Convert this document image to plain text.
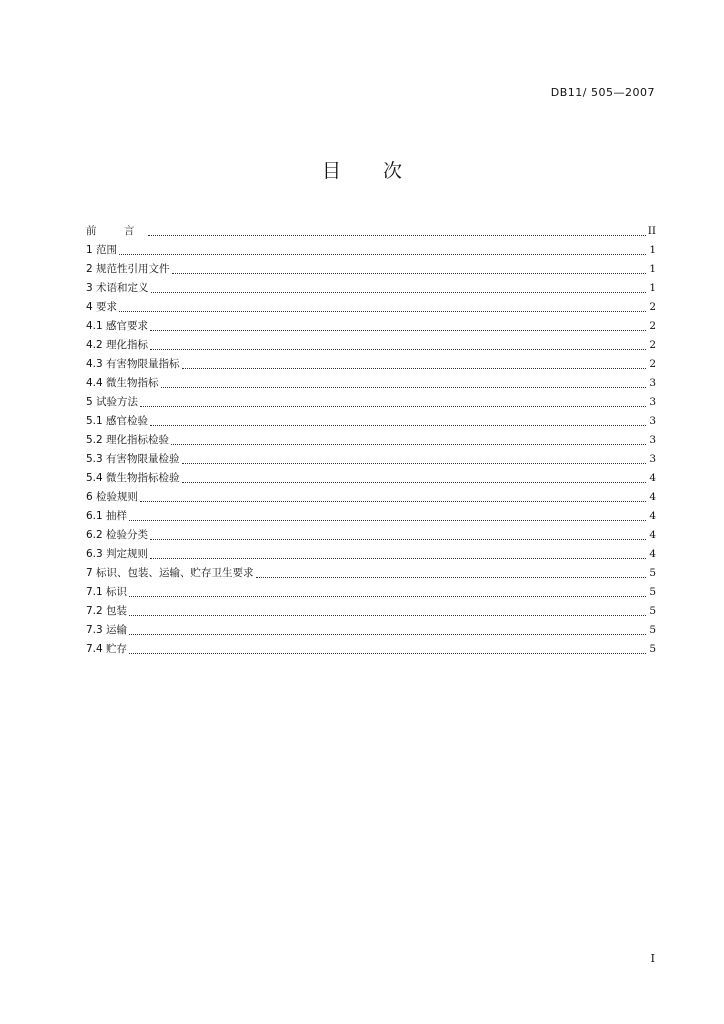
DB11/ 505—2007
目 次
前 言	II
1 范围	1
2 规范性引用文件	1
3 术语和定义	1
4 要求	2
4.1 感官要求	2
4.2 理化指标	2
4.3 有害物限量指标	2
4.4 微生物指标	3
5 试验方法	3
5.1 感官检验	3
5.2 理化指标检验	3
5.3 有害物限量检验	3
5.4 微生物指标检验	4
6 检验规则	4
6.1 抽样	4
6.2 检验分类	4
6.3 判定规则	4
7 标识、包装、运输、贮存卫生要求	5
7.1 标识	5
7.2 包装	5
7.3 运输	5
7.4 贮存	5
I
